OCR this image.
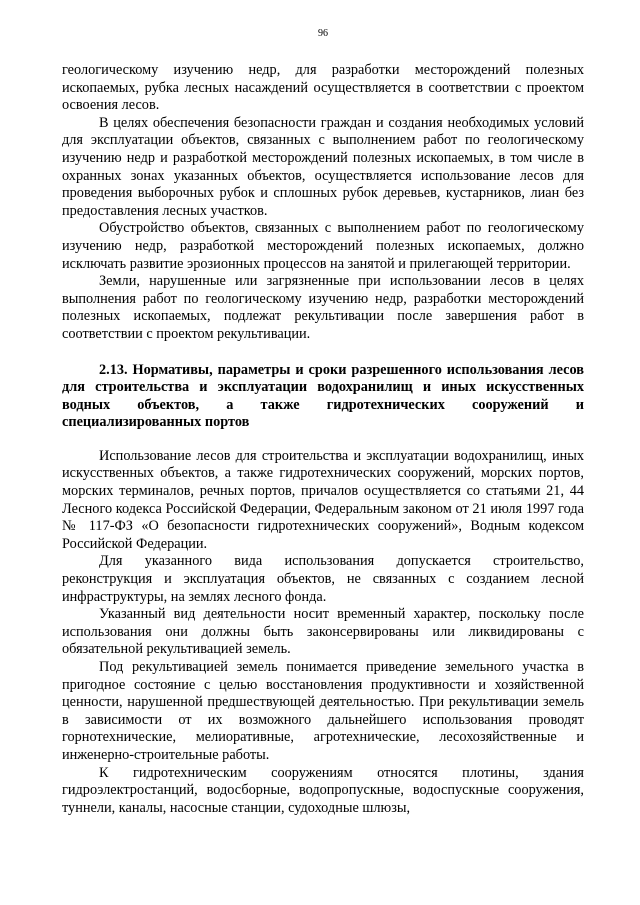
96

геологическому изучению недр, для разработки месторождений полезных ископаемых, рубка лесных насаждений осуществляется в соответствии с проектом освоения лесов.

В целях обеспечения безопасности граждан и создания необходимых условий для эксплуатации объектов, связанных с выполнением работ по геологическому изучению недр и разработкой месторождений полезных ископаемых, в том числе в охранных зонах указанных объектов, осуществляется использование лесов для проведения выборочных рубок и сплошных рубок деревьев, кустарников, лиан без предоставления лесных участков.

Обустройство объектов, связанных с выполнением работ по геологическому изучению недр, разработкой месторождений полезных ископаемых, должно исключать развитие эрозионных процессов на занятой и прилегающей территории.

Земли, нарушенные или загрязненные при использовании лесов в целях выполнения работ по геологическому изучению недр, разработки месторождений полезных ископаемых, подлежат рекультивации после завершения работ в соответствии с проектом рекультивации.

2.13. Нормативы, параметры и сроки разрешенного использования лесов для строительства и эксплуатации водохранилищ и иных искусственных водных объектов, а также гидротехнических сооружений и специализированных портов

Использование лесов для строительства и эксплуатации водохранилищ, иных искусственных объектов, а также гидротехнических сооружений, морских портов, морских терминалов, речных портов, причалов осуществляется со статьями 21, 44 Лесного кодекса Российской Федерации, Федеральным законом от 21 июля 1997 года № 117-ФЗ «О безопасности гидротехнических сооружений», Водным кодексом Российской Федерации.

Для указанного вида использования допускается строительство, реконструкция и эксплуатация объектов, не связанных с созданием лесной инфраструктуры, на землях лесного фонда.

Указанный вид деятельности носит временный характер, поскольку после использования они должны быть законсервированы или ликвидированы с обязательной рекультивацией земель.

Под рекультивацией земель понимается приведение земельного участка в пригодное состояние с целью восстановления продуктивности и хозяйственной ценности, нарушенной предшествующей деятельностью. При рекультивации земель в зависимости от их возможного дальнейшего использования проводят горнотехнические, мелиоративные, агротехнические, лесохозяйственные и инженерно-строительные работы.

К гидротехническим сооружениям относятся плотины, здания гидроэлектростанций, водосборные, водопропускные, водоспускные сооружения, туннели, каналы, насосные станции, судоходные шлюзы,
